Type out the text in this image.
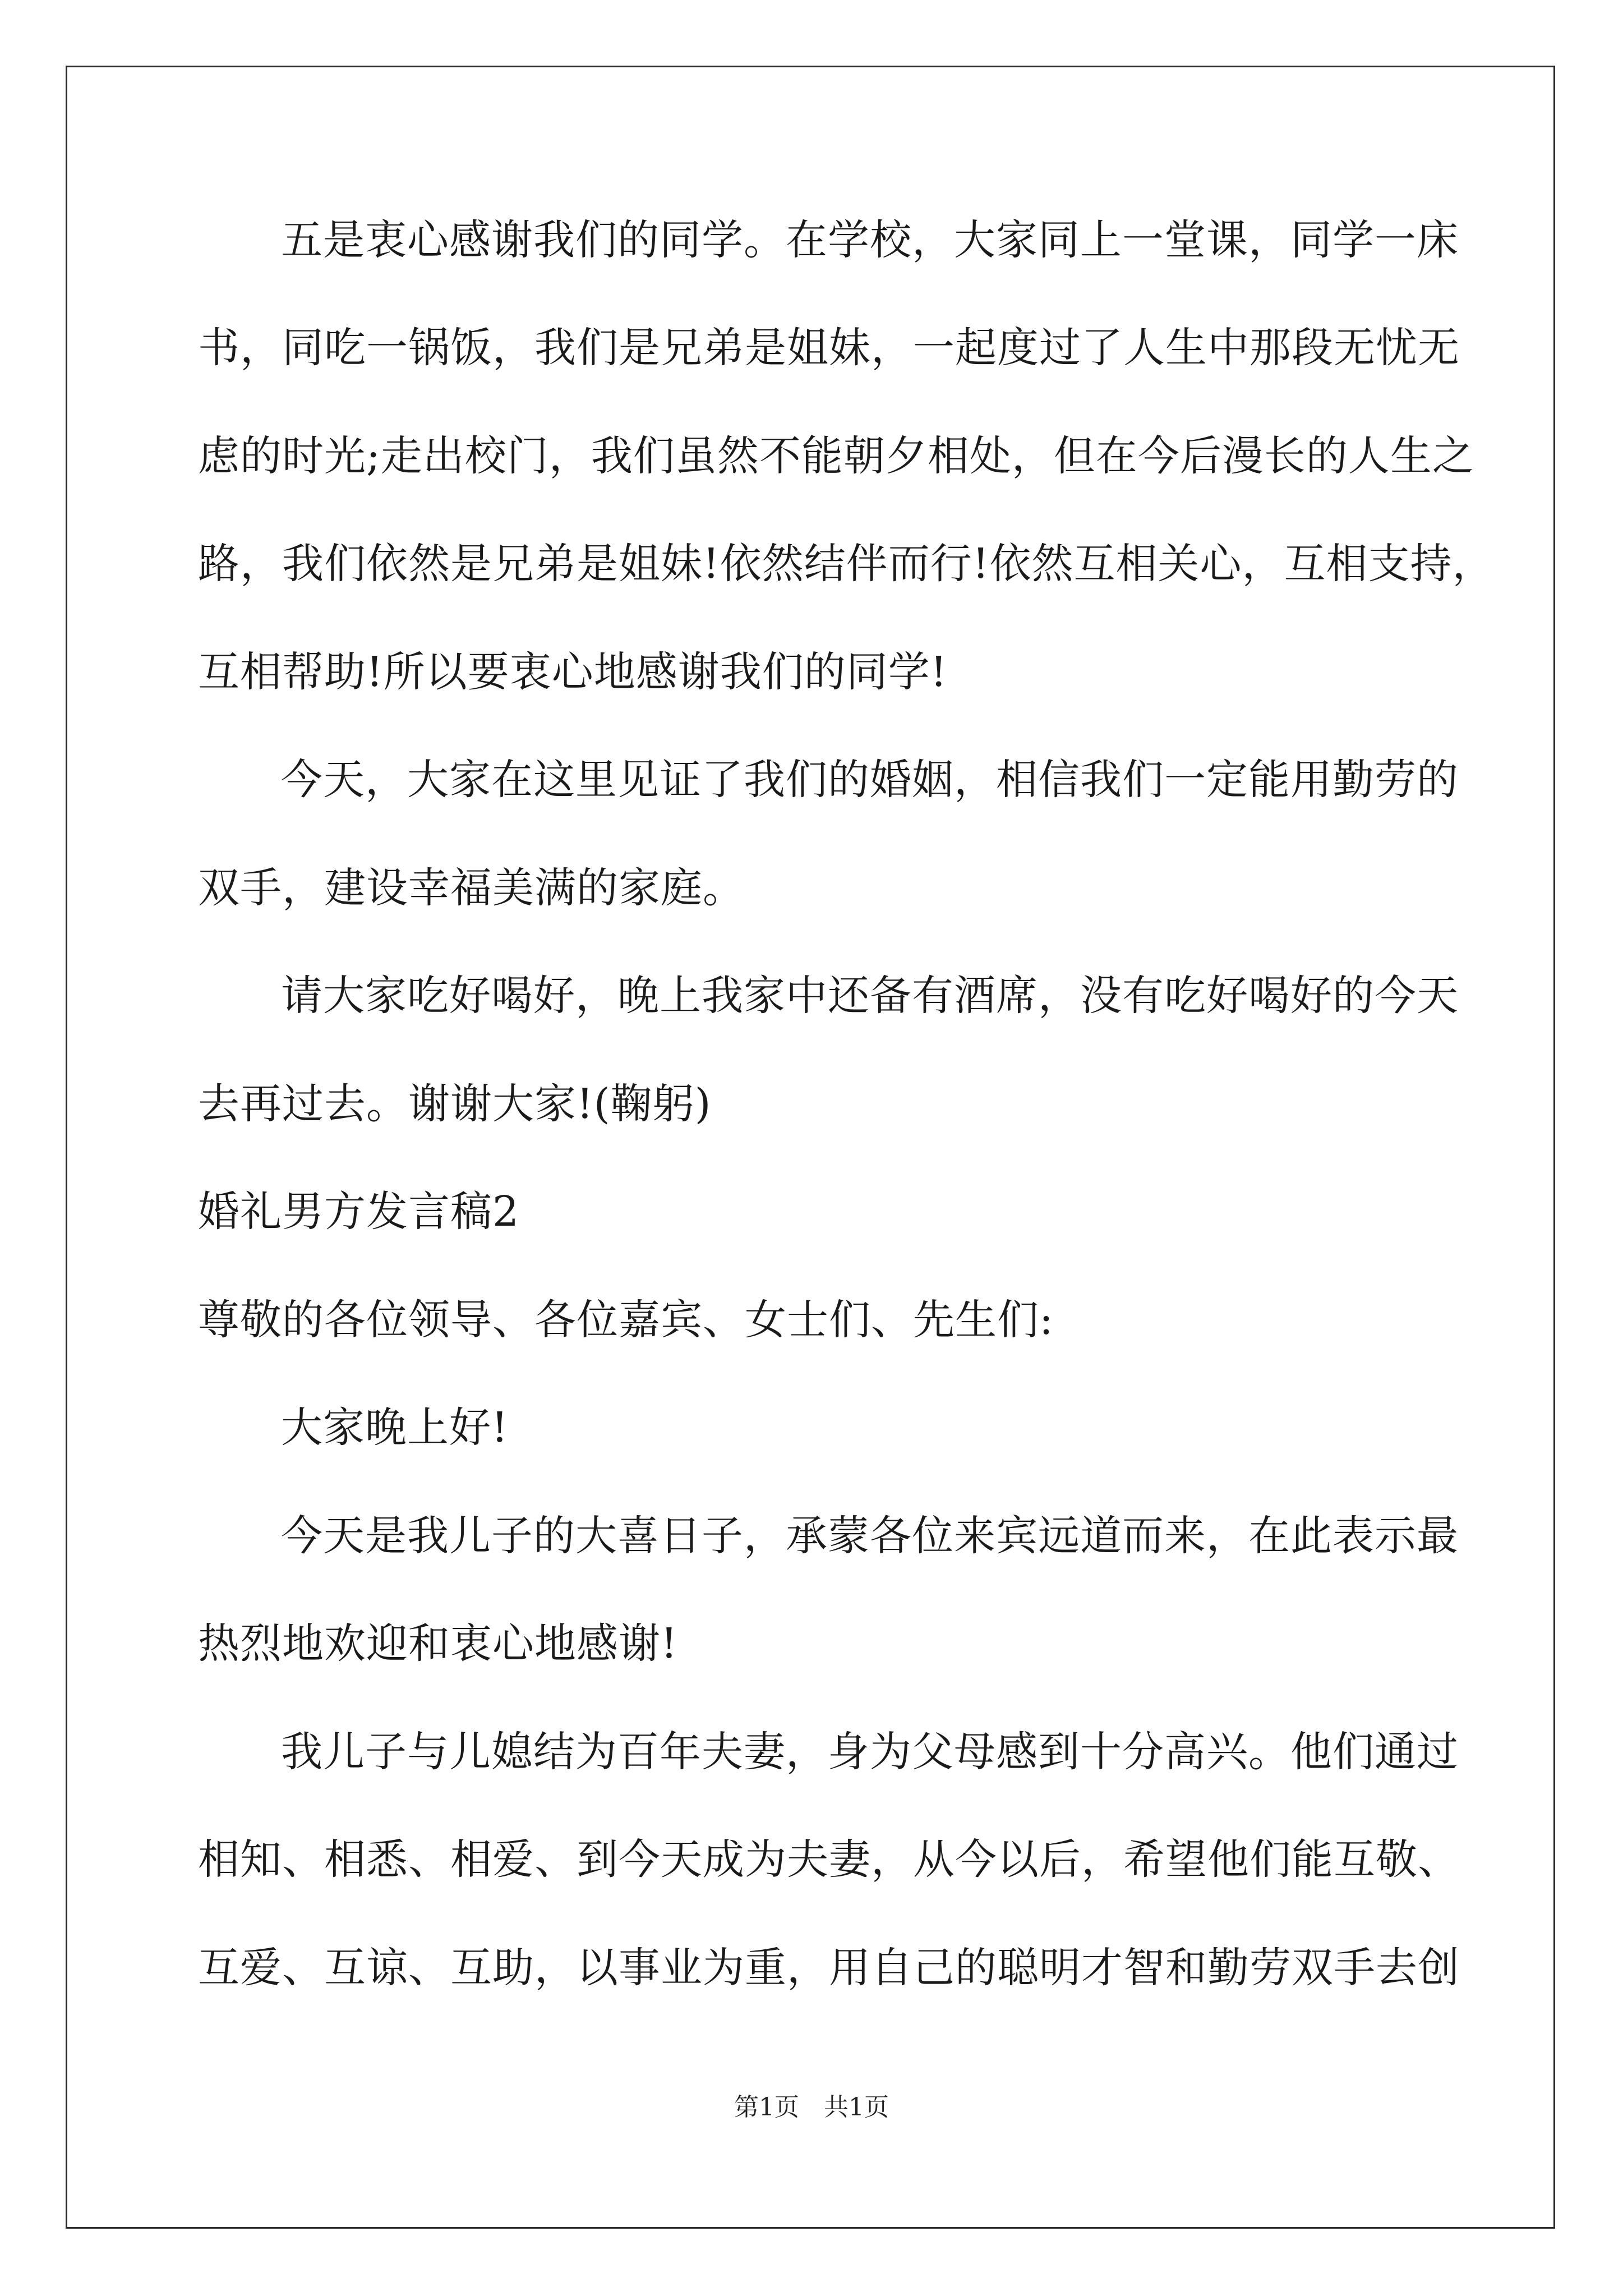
五是衷心感谢我们的同学。在学校，大家同上一堂课，同学一床
书，同吃一锅饭，我们是兄弟是姐妹，一起度过了人生中那段无忧无
虑的时光;走出校门，我们虽然不能朝夕相处，但在今后漫长的人生之
路，我们依然是兄弟是姐妹!依然结伴而行!依然互相关心，互相支持，
互相帮助!所以要衷心地感谢我们的同学!
今天，大家在这里见证了我们的婚姻，相信我们一定能用勤劳的
双手，建设幸福美满的家庭。
请大家吃好喝好，晚上我家中还备有酒席，没有吃好喝好的今天
去再过去。谢谢大家!(鞠躬)
婚礼男方发言稿2
尊敬的各位领导、各位嘉宾、女士们、先生们:
大家晚上好!
今天是我儿子的大喜日子，承蒙各位来宾远道而来，在此表示最
热烈地欢迎和衷心地感谢!
我儿子与儿媳结为百年夫妻，身为父母感到十分高兴。他们通过
相知、相悉、相爱、到今天成为夫妻，从今以后，希望他们能互敬、
互爱、互谅、互助，以事业为重，用自己的聪明才智和勤劳双手去创
第1页　共1页
